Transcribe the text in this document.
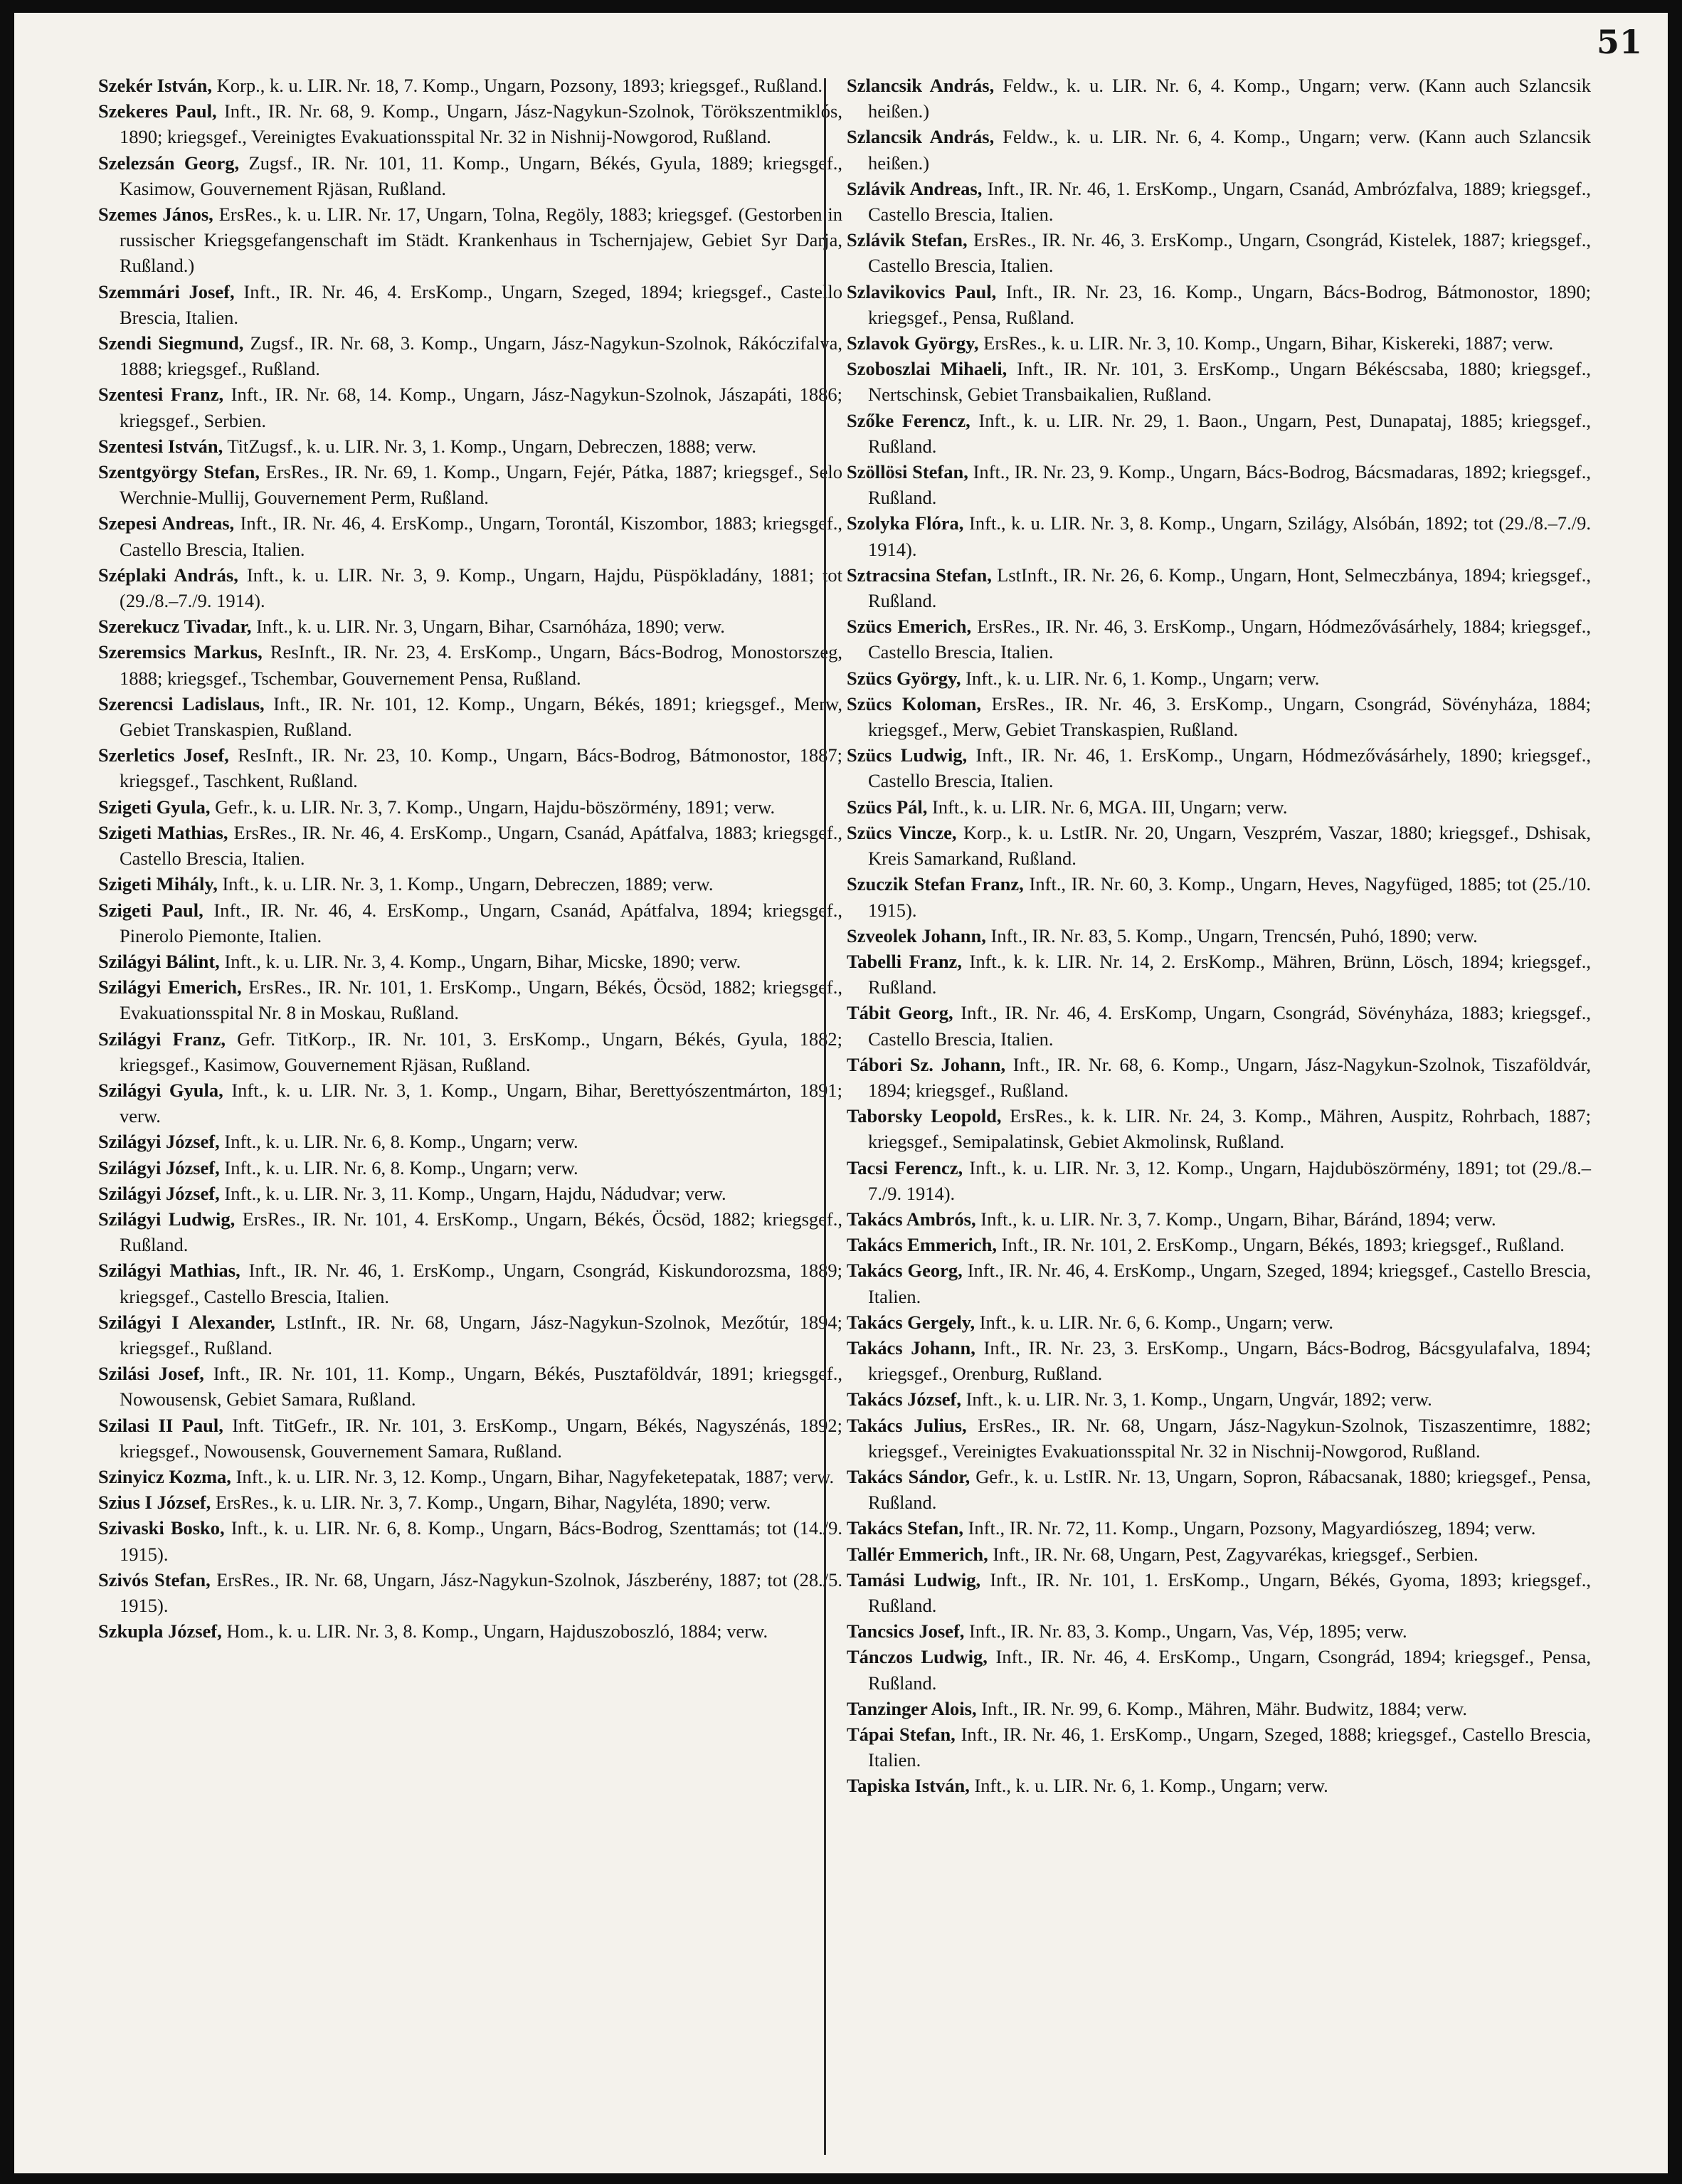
51

Szekér István, Korp., k. u. LIR. Nr. 18, 7. Komp., Ungarn, Pozsony, 1893; kriegsgef., Rußland.
Szekeres Paul, Inft., IR. Nr. 68, 9. Komp., Ungarn, Jász-Nagykun-Szolnok, Törökszentmiklós, 1890; kriegsgef., Vereinigtes Evakuationsspital Nr. 32 in Nishnij-Nowgorod, Rußland.
Szelezsán Georg, Zugsf., IR. Nr. 101, 11. Komp., Ungarn, Békés, Gyula, 1889; kriegsgef., Kasimow, Gouvernement Rjäsan, Rußland.
Szemes János, ErsRes., k. u. LIR. Nr. 17, Ungarn, Tolna, Regöly, 1883; kriegsgef. (Gestorben in russischer Kriegsgefangenschaft im Städt. Krankenhaus in Tschernjajew, Gebiet Syr Darja, Rußland.)
Szemmári Josef, Inft., IR. Nr. 46, 4. ErsKomp., Ungarn, Szeged, 1894; kriegsgef., Castello Brescia, Italien.
Szendi Siegmund, Zugsf., IR. Nr. 68, 3. Komp., Ungarn, Jász-Nagykun-Szolnok, Rákóczifalva, 1888; kriegsgef., Rußland.
Szentesi Franz, Inft., IR. Nr. 68, 14. Komp., Ungarn, Jász-Nagykun-Szolnok, Jászapáti, 1886; kriegsgef., Serbien.
Szentesi István, TitZugsf., k. u. LIR. Nr. 3, 1. Komp., Ungarn, Debreczen, 1888; verw.
Szentgyörgy Stefan, ErsRes., IR. Nr. 69, 1. Komp., Ungarn, Fejér, Pátka, 1887; kriegsgef., Selo Werchnie-Mullij, Gouvernement Perm, Rußland.
Szepesi Andreas, Inft., IR. Nr. 46, 4. ErsKomp., Ungarn, Torontál, Kiszombor, 1883; kriegsgef., Castello Brescia, Italien.
Széplaki András, Inft., k. u. LIR. Nr. 3, 9. Komp., Ungarn, Hajdu, Püspökladány, 1881; tot (29./8.–7./9. 1914).
Szerekucz Tivadar, Inft., k. u. LIR. Nr. 3, Ungarn, Bihar, Csarnóháza, 1890; verw.
Szeremsics Markus, ResInft., IR. Nr. 23, 4. ErsKomp., Ungarn, Bács-Bodrog, Monostorszeg, 1888; kriegsgef., Tschembar, Gouvernement Pensa, Rußland.
Szerencsi Ladislaus, Inft., IR. Nr. 101, 12. Komp., Ungarn, Békés, 1891; kriegsgef., Merw, Gebiet Transkaspien, Rußland.
Szerletics Josef, ResInft., IR. Nr. 23, 10. Komp., Ungarn, Bács-Bodrog, Bátmonostor, 1887; kriegsgef., Taschkent, Rußland.
Szigeti Gyula, Gefr., k. u. LIR. Nr. 3, 7. Komp., Ungarn, Hajdu-böszörmény, 1891; verw.
Szigeti Mathias, ErsRes., IR. Nr. 46, 4. ErsKomp., Ungarn, Csanád, Apátfalva, 1883; kriegsgef., Castello Brescia, Italien.
Szigeti Mihály, Inft., k. u. LIR. Nr. 3, 1. Komp., Ungarn, Debreczen, 1889; verw.
Szigeti Paul, Inft., IR. Nr. 46, 4. ErsKomp., Ungarn, Csanád, Apátfalva, 1894; kriegsgef., Pinerolo Piemonte, Italien.
Szilágyi Bálint, Inft., k. u. LIR. Nr. 3, 4. Komp., Ungarn, Bihar, Micske, 1890; verw.
Szilágyi Emerich, ErsRes., IR. Nr. 101, 1. ErsKomp., Ungarn, Békés, Öcsöd, 1882; kriegsgef., Evakuationsspital Nr. 8 in Moskau, Rußland.
Szilágyi Franz, Gefr. TitKorp., IR. Nr. 101, 3. ErsKomp., Ungarn, Békés, Gyula, 1882; kriegsgef., Kasimow, Gouvernement Rjäsan, Rußland.
Szilágyi Gyula, Inft., k. u. LIR. Nr. 3, 1. Komp., Ungarn, Bihar, Berettyószentmárton, 1891; verw.
Szilágyi József, Inft., k. u. LIR. Nr. 6, 8. Komp., Ungarn; verw.
Szilágyi József, Inft., k. u. LIR. Nr. 6, 8. Komp., Ungarn; verw.
Szilágyi József, Inft., k. u. LIR. Nr. 3, 11. Komp., Ungarn, Hajdu, Nádudvar; verw.
Szilágyi Ludwig, ErsRes., IR. Nr. 101, 4. ErsKomp., Ungarn, Békés, Öcsöd, 1882; kriegsgef., Rußland.
Szilágyi Mathias, Inft., IR. Nr. 46, 1. ErsKomp., Ungarn, Csongrád, Kiskundorozsma, 1889; kriegsgef., Castello Brescia, Italien.
Szilágyi I Alexander, LstInft., IR. Nr. 68, Ungarn, Jász-Nagykun-Szolnok, Mezőtúr, 1894; kriegsgef., Rußland.
Szilási Josef, Inft., IR. Nr. 101, 11. Komp., Ungarn, Békés, Pusztaföldvár, 1891; kriegsgef., Nowousensk, Gebiet Samara, Rußland.
Szilasi II Paul, Inft. TitGefr., IR. Nr. 101, 3. ErsKomp., Ungarn, Békés, Nagyszénás, 1892; kriegsgef., Nowousensk, Gouvernement Samara, Rußland.
Szinyicz Kozma, Inft., k. u. LIR. Nr. 3, 12. Komp., Ungarn, Bihar, Nagyfeketepatak, 1887; verw.
Szius I József, ErsRes., k. u. LIR. Nr. 3, 7. Komp., Ungarn, Bihar, Nagyléta, 1890; verw.
Szivaski Bosko, Inft., k. u. LIR. Nr. 6, 8. Komp., Ungarn, Bács-Bodrog, Szenttamás; tot (14./9. 1915).
Szivós Stefan, ErsRes., IR. Nr. 68, Ungarn, Jász-Nagykun-Szolnok, Jászberény, 1887; tot (28./5. 1915).
Szkupla József, Hom., k. u. LIR. Nr. 3, 8. Komp., Ungarn, Hajduszoboszló, 1884; verw.
Szlancsik András, Feldw., k. u. LIR. Nr. 6, 4. Komp., Ungarn; verw. (Kann auch Szlancsik heißen.)
Szlancsik András, Feldw., k. u. LIR. Nr. 6, 4. Komp., Ungarn; verw. (Kann auch Szlancsik heißen.)
Szlávik Andreas, Inft., IR. Nr. 46, 1. ErsKomp., Ungarn, Csanád, Ambrózfalva, 1889; kriegsgef., Castello Brescia, Italien.
Szlávik Stefan, ErsRes., IR. Nr. 46, 3. ErsKomp., Ungarn, Csongrád, Kistelek, 1887; kriegsgef., Castello Brescia, Italien.
Szlavikovics Paul, Inft., IR. Nr. 23, 16. Komp., Ungarn, Bács-Bodrog, Bátmonostor, 1890; kriegsgef., Pensa, Rußland.
Szlavok György, ErsRes., k. u. LIR. Nr. 3, 10. Komp., Ungarn, Bihar, Kiskereki, 1887; verw.
Szoboszlai Mihaeli, Inft., IR. Nr. 101, 3. ErsKomp., Ungarn Békéscsaba, 1880; kriegsgef., Nertschinsk, Gebiet Transbaikalien, Rußland.
Szőke Ferencz, Inft., k. u. LIR. Nr. 29, 1. Baon., Ungarn, Pest, Dunapataj, 1885; kriegsgef., Rußland.
Szöllösi Stefan, Inft., IR. Nr. 23, 9. Komp., Ungarn, Bács-Bodrog, Bácsmadaras, 1892; kriegsgef., Rußland.
Szolyka Flóra, Inft., k. u. LIR. Nr. 3, 8. Komp., Ungarn, Szilágy, Alsóbán, 1892; tot (29./8.–7./9. 1914).
Sztracsina Stefan, LstInft., IR. Nr. 26, 6. Komp., Ungarn, Hont, Selmeczbánya, 1894; kriegsgef., Rußland.
Szücs Emerich, ErsRes., IR. Nr. 46, 3. ErsKomp., Ungarn, Hódmezővásárhely, 1884; kriegsgef., Castello Brescia, Italien.
Szücs György, Inft., k. u. LIR. Nr. 6, 1. Komp., Ungarn; verw.
Szücs Koloman, ErsRes., IR. Nr. 46, 3. ErsKomp., Ungarn, Csongrád, Sövényháza, 1884; kriegsgef., Merw, Gebiet Transkaspien, Rußland.
Szücs Ludwig, Inft., IR. Nr. 46, 1. ErsKomp., Ungarn, Hódmezővásárhely, 1890; kriegsgef., Castello Brescia, Italien.
Szücs Pál, Inft., k. u. LIR. Nr. 6, MGA. III, Ungarn; verw.
Szücs Vincze, Korp., k. u. LstIR. Nr. 20, Ungarn, Veszprém, Vaszar, 1880; kriegsgef., Dshisak, Kreis Samarkand, Rußland.
Szuczik Stefan Franz, Inft., IR. Nr. 60, 3. Komp., Ungarn, Heves, Nagyfüged, 1885; tot (25./10. 1915).
Szveolek Johann, Inft., IR. Nr. 83, 5. Komp., Ungarn, Trencsén, Puhó, 1890; verw.
Tabelli Franz, Inft., k. k. LIR. Nr. 14, 2. ErsKomp., Mähren, Brünn, Lösch, 1894; kriegsgef., Rußland.
Tábit Georg, Inft., IR. Nr. 46, 4. ErsKomp, Ungarn, Csongrád, Sövényháza, 1883; kriegsgef., Castello Brescia, Italien.
Tábori Sz. Johann, Inft., IR. Nr. 68, 6. Komp., Ungarn, Jász-Nagykun-Szolnok, Tiszaföldvár, 1894; kriegsgef., Rußland.
Taborsky Leopold, ErsRes., k. k. LIR. Nr. 24, 3. Komp., Mähren, Auspitz, Rohrbach, 1887; kriegsgef., Semipalatinsk, Gebiet Akmolinsk, Rußland.
Tacsi Ferencz, Inft., k. u. LIR. Nr. 3, 12. Komp., Ungarn, Hajduböszörmény, 1891; tot (29./8.–7./9. 1914).
Takács Ambrós, Inft., k. u. LIR. Nr. 3, 7. Komp., Ungarn, Bihar, Báránd, 1894; verw.
Takács Emmerich, Inft., IR. Nr. 101, 2. ErsKomp., Ungarn, Békés, 1893; kriegsgef., Rußland.
Takács Georg, Inft., IR. Nr. 46, 4. ErsKomp., Ungarn, Szeged, 1894; kriegsgef., Castello Brescia, Italien.
Takács Gergely, Inft., k. u. LIR. Nr. 6, 6. Komp., Ungarn; verw.
Takács Johann, Inft., IR. Nr. 23, 3. ErsKomp., Ungarn, Bács-Bodrog, Bácsgyulafalva, 1894; kriegsgef., Orenburg, Rußland.
Takács József, Inft., k. u. LIR. Nr. 3, 1. Komp., Ungarn, Ungvár, 1892; verw.
Takács Julius, ErsRes., IR. Nr. 68, Ungarn, Jász-Nagykun-Szolnok, Tiszaszentimre, 1882; kriegsgef., Vereinigtes Evakuationsspital Nr. 32 in Nischnij-Nowgorod, Rußland.
Takács Sándor, Gefr., k. u. LstIR. Nr. 13, Ungarn, Sopron, Rábacsanak, 1880; kriegsgef., Pensa, Rußland.
Takács Stefan, Inft., IR. Nr. 72, 11. Komp., Ungarn, Pozsony, Magyardiószeg, 1894; verw.
Tallér Emmerich, Inft., IR. Nr. 68, Ungarn, Pest, Zagyvarékas, kriegsgef., Serbien.
Tamási Ludwig, Inft., IR. Nr. 101, 1. ErsKomp., Ungarn, Békés, Gyoma, 1893; kriegsgef., Rußland.
Tancsics Josef, Inft., IR. Nr. 83, 3. Komp., Ungarn, Vas, Vép, 1895; verw.
Tánczos Ludwig, Inft., IR. Nr. 46, 4. ErsKomp., Ungarn, Csongrád, 1894; kriegsgef., Pensa, Rußland.
Tanzinger Alois, Inft., IR. Nr. 99, 6. Komp., Mähren, Mähr. Budwitz, 1884; verw.
Tápai Stefan, Inft., IR. Nr. 46, 1. ErsKomp., Ungarn, Szeged, 1888; kriegsgef., Castello Brescia, Italien.
Tapiska István, Inft., k. u. LIR. Nr. 6, 1. Komp., Ungarn; verw.
